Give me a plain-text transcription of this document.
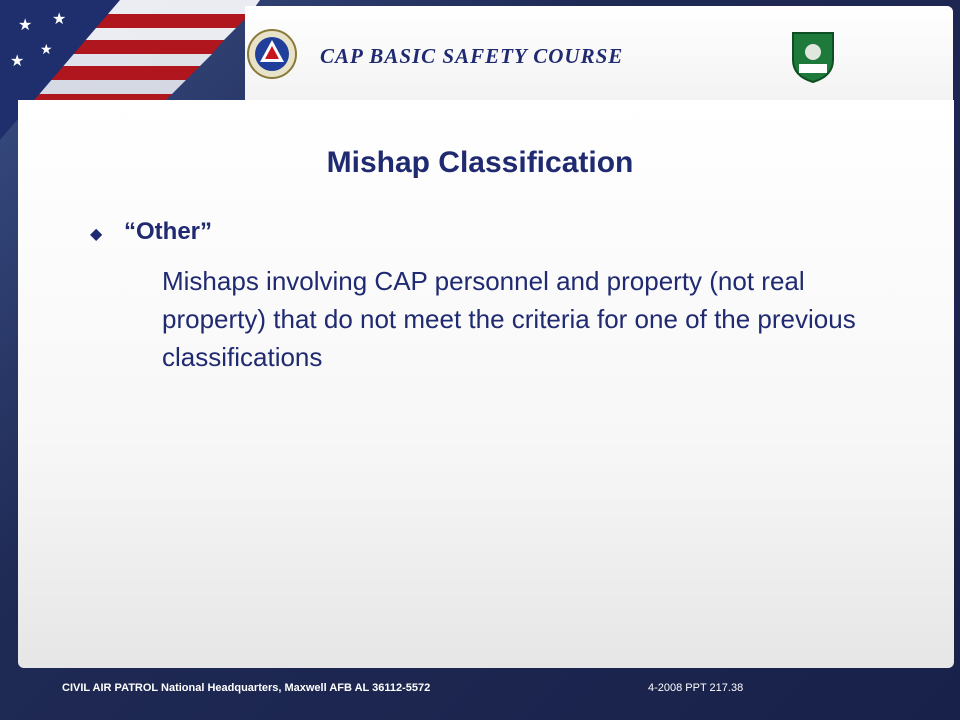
★ ★
★
★	CAP BASIC SAFETY COURSE
Mishap Classification
◆ “Other”
Mishaps involving CAP personnel and property (not real property) that do not meet the criteria for one of the previous classifications
CIVIL AIR PATROL National Headquarters, Maxwell AFB AL 36112-5572	4-2008 PPT 217.38
